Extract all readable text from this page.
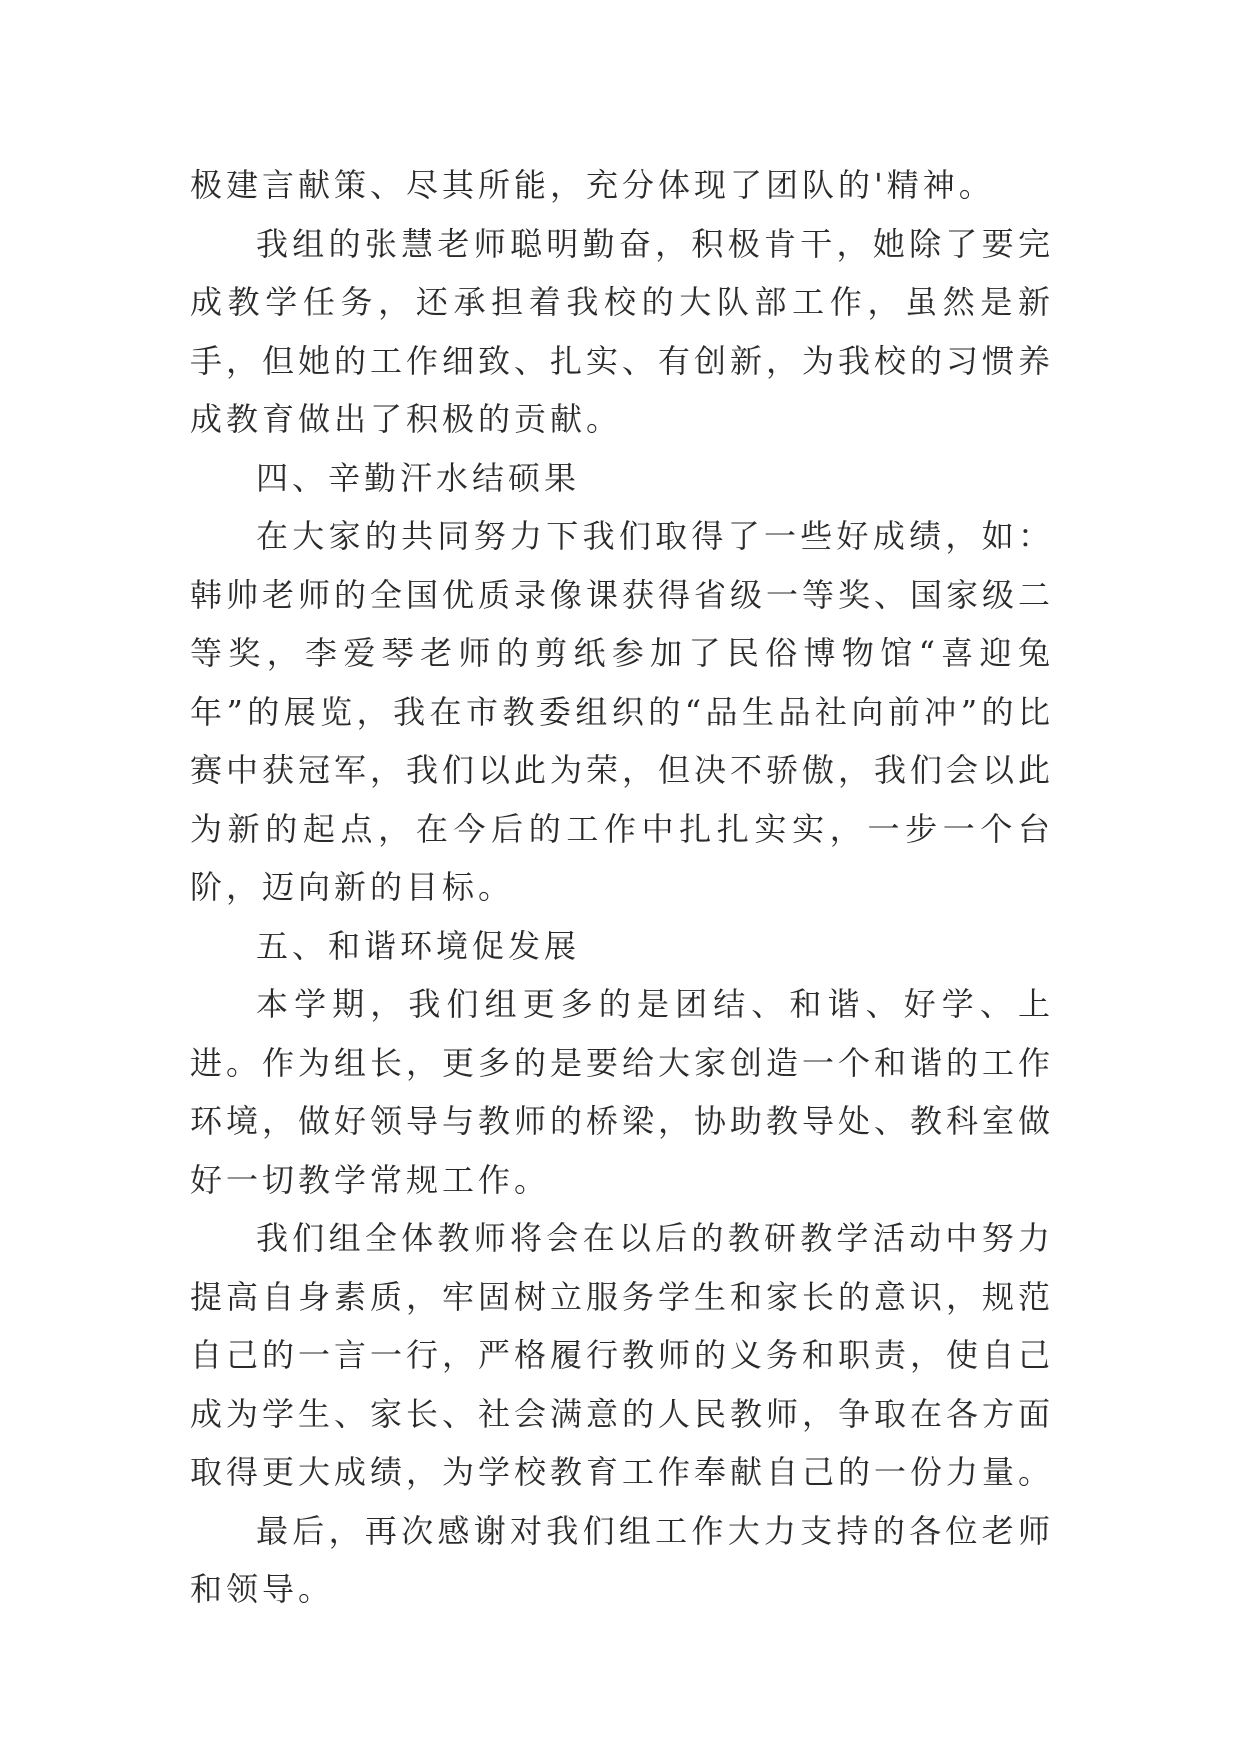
极建言献策、尽其所能，充分体现了团队的'精神。

我组的张慧老师聪明勤奋，积极肯干，她除了要完成教学任务，还承担着我校的大队部工作，虽然是新手，但她的工作细致、扎实、有创新，为我校的习惯养成教育做出了积极的贡献。

四、辛勤汗水结硕果

在大家的共同努力下我们取得了一些好成绩，如：韩帅老师的全国优质录像课获得省级一等奖、国家级二等奖，李爱琴老师的剪纸参加了民俗博物馆“喜迎兔年”的展览，我在市教委组织的“品生品社向前冲”的比赛中获冠军，我们以此为荣，但决不骄傲，我们会以此为新的起点，在今后的工作中扎扎实实，一步一个台阶，迈向新的目标。

五、和谐环境促发展

本学期，我们组更多的是团结、和谐、好学、上进。作为组长，更多的是要给大家创造一个和谐的工作环境，做好领导与教师的桥梁，协助教导处、教科室做好一切教学常规工作。

我们组全体教师将会在以后的教研教学活动中努力提高自身素质，牢固树立服务学生和家长的意识，规范自己的一言一行，严格履行教师的义务和职责，使自己成为学生、家长、社会满意的人民教师，争取在各方面取得更大成绩，为学校教育工作奉献自己的一份力量。

最后，再次感谢对我们组工作大力支持的各位老师和领导。
